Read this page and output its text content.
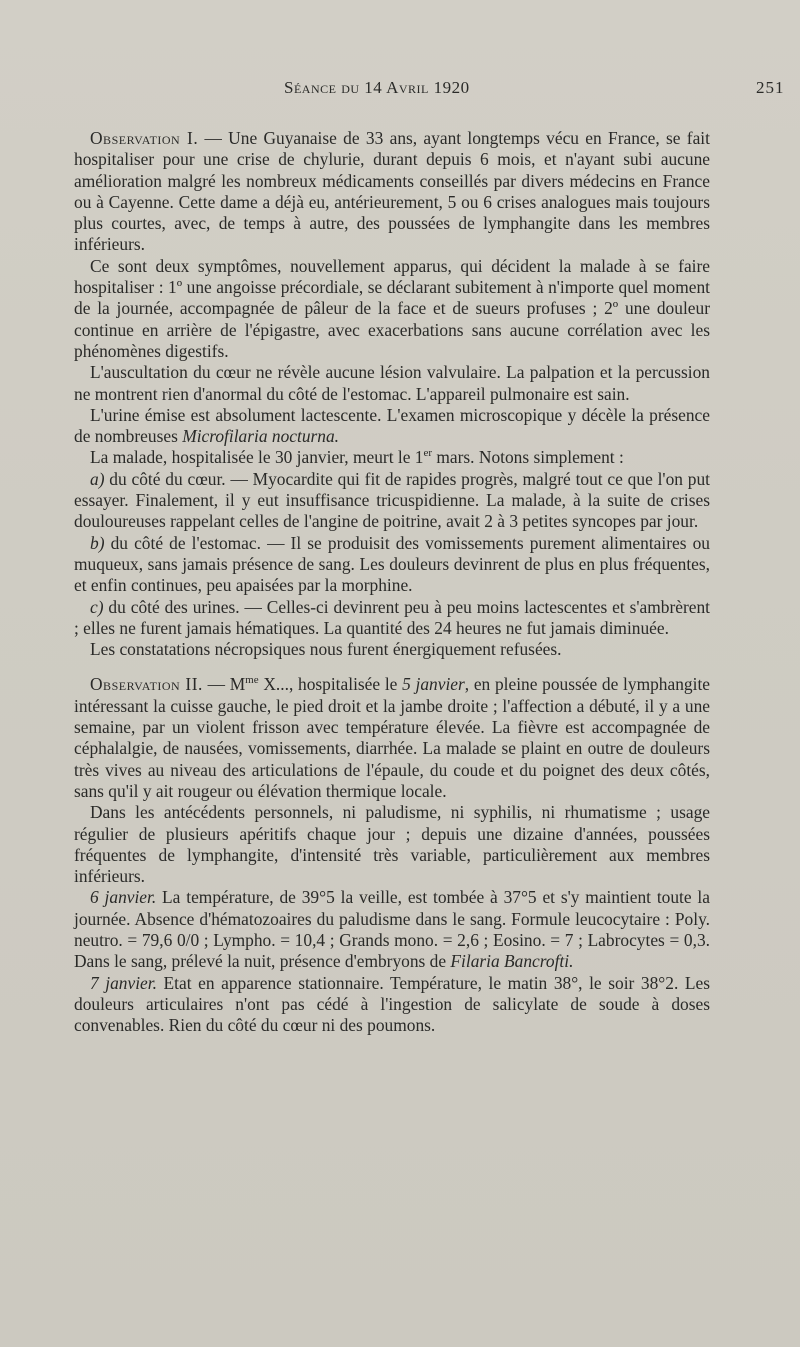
Séance du 14 Avril 1920	251

Observation I. — Une Guyanaise de 33 ans, ayant longtemps vécu en France, se fait hospitaliser pour une crise de chylurie, durant depuis 6 mois, et n'ayant subi aucune amélioration malgré les nombreux médicaments conseillés par divers médecins en France ou à Cayenne. Cette dame a déjà eu, antérieurement, 5 ou 6 crises analogues mais toujours plus courtes, avec, de temps à autre, des poussées de lymphangite dans les membres inférieurs.

Ce sont deux symptômes, nouvellement apparus, qui décident la malade à se faire hospitaliser : 1º une angoisse précordiale, se déclarant subitement à n'importe quel moment de la journée, accompagnée de pâleur de la face et de sueurs profuses ; 2º une douleur continue en arrière de l'épigastre, avec exacerbations sans aucune corrélation avec les phénomènes digestifs.

L'auscultation du cœur ne révèle aucune lésion valvulaire. La palpation et la percussion ne montrent rien d'anormal du côté de l'estomac. L'appareil pulmonaire est sain.

L'urine émise est absolument lactescente. L'examen microscopique y décèle la présence de nombreuses Microfilaria nocturna.

La malade, hospitalisée le 30 janvier, meurt le 1er mars. Notons simplement :

a) du côté du cœur. — Myocardite qui fit de rapides progrès, malgré tout ce que l'on put essayer. Finalement, il y eut insuffisance tricuspidienne. La malade, à la suite de crises douloureuses rappelant celles de l'angine de poitrine, avait 2 à 3 petites syncopes par jour.

b) du côté de l'estomac. — Il se produisit des vomissements purement alimentaires ou muqueux, sans jamais présence de sang. Les douleurs devinrent de plus en plus fréquentes, et enfin continues, peu apaisées par la morphine.

c) du côté des urines. — Celles-ci devinrent peu à peu moins lactescentes et s'ambrèrent ; elles ne furent jamais hématiques. La quantité des 24 heures ne fut jamais diminuée.

Les constatations nécropsiques nous furent énergiquement refusées.

Observation II. — $M^{me}$ X..., hospitalisée le 5 janvier, en pleine poussée de lymphangite intéressant la cuisse gauche, le pied droit et la jambe droite ; l'affection a débuté, il y a une semaine, par un violent frisson avec température élevée. La fièvre est accompagnée de céphalalgie, de nausées, vomissements, diarrhée. La malade se plaint en outre de douleurs très vives au niveau des articulations de l'épaule, du coude et du poignet des deux côtés, sans qu'il y ait rougeur ou élévation thermique locale.

Dans les antécédents personnels, ni paludisme, ni syphilis, ni rhumatisme ; usage régulier de plusieurs apéritifs chaque jour ; depuis une dizaine d'années, poussées fréquentes de lymphangite, d'intensité très variable, particulièrement aux membres inférieurs.

6 janvier. La température, de 39°5 la veille, est tombée à 37°5 et s'y maintient toute la journée. Absence d'hématozoaires du paludisme dans le sang. Formule leucocytaire : Poly. neutro. = 79,6 0/0 ; Lympho. = 10,4 ; Grands mono. = 2,6 ; Eosino. = 7 ; Labrocytes = 0,3. Dans le sang, prélevé la nuit, présence d'embryons de Filaria Bancrofti.

7 janvier. Etat en apparence stationnaire. Température, le matin 38°, le soir 38°2. Les douleurs articulaires n'ont pas cédé à l'ingestion de salicylate de soude à doses convenables. Rien du côté du cœur ni des poumons.
